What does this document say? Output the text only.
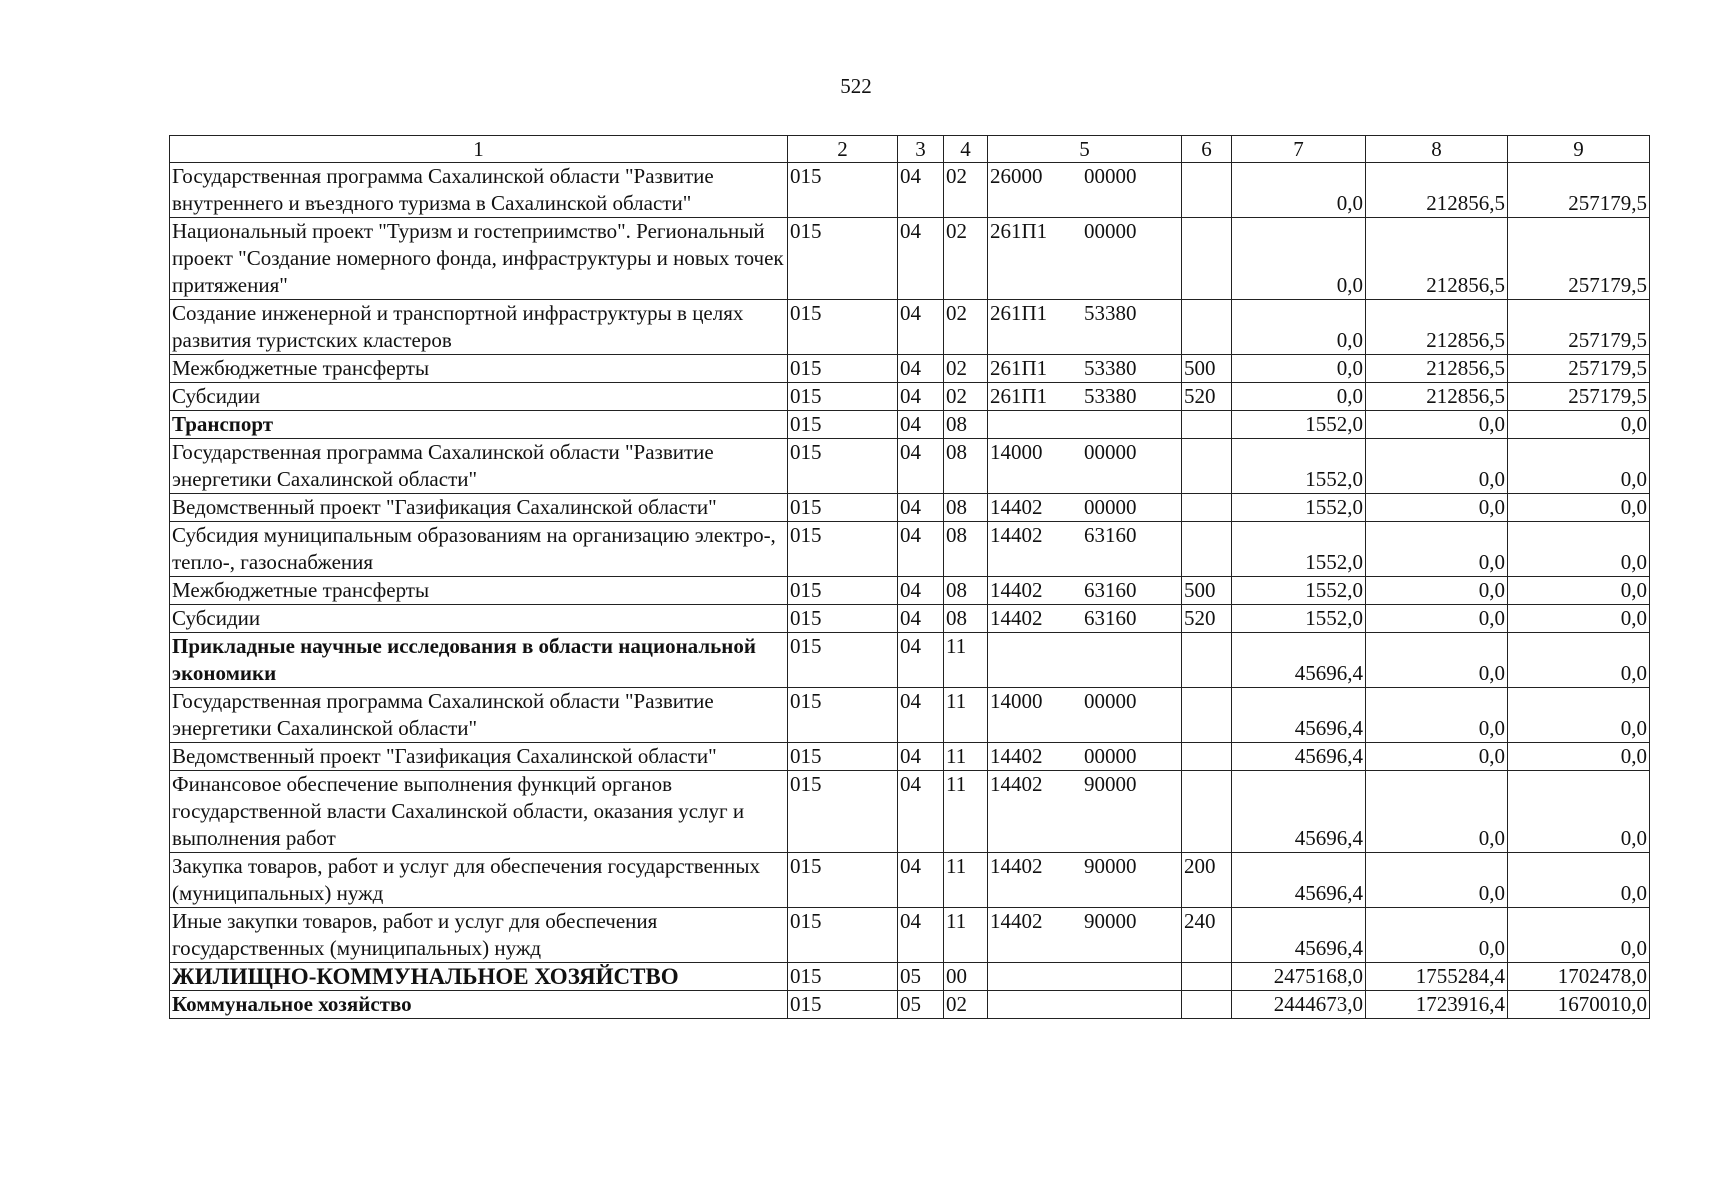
522
1	2	3	4	5	6	7	8	9
Государственная программа Сахалинской области "Развитие внутреннего и въездного туризма в Сахалинской области"	015	04	02	26000 00000		0,0	212856,5	257179,5
Национальный проект "Туризм и гостеприимство". Региональный проект "Создание номерного фонда, инфраструктуры и новых точек притяжения"	015	04	02	261П1 00000		0,0	212856,5	257179,5
Создание инженерной и транспортной инфраструктуры в целях развития туристских кластеров	015	04	02	261П1 53380		0,0	212856,5	257179,5
Межбюджетные трансферты	015	04	02	261П1 53380	500	0,0	212856,5	257179,5
Субсидии	015	04	02	261П1 53380	520	0,0	212856,5	257179,5
Транспорт	015	04	08			1552,0	0,0	0,0
Государственная программа Сахалинской области "Развитие энергетики Сахалинской области"	015	04	08	14000 00000		1552,0	0,0	0,0
Ведомственный проект "Газификация Сахалинской области"	015	04	08	14402 00000		1552,0	0,0	0,0
Субсидия муниципальным образованиям на организацию электро-, тепло-, газоснабжения	015	04	08	14402 63160		1552,0	0,0	0,0
Межбюджетные трансферты	015	04	08	14402 63160	500	1552,0	0,0	0,0
Субсидии	015	04	08	14402 63160	520	1552,0	0,0	0,0
Прикладные научные исследования в области национальной экономики	015	04	11			45696,4	0,0	0,0
Государственная программа Сахалинской области "Развитие энергетики Сахалинской области"	015	04	11	14000 00000		45696,4	0,0	0,0
Ведомственный проект "Газификация Сахалинской области"	015	04	11	14402 00000		45696,4	0,0	0,0
Финансовое обеспечение выполнения функций органов государственной власти Сахалинской области, оказания услуг и выполнения работ	015	04	11	14402 90000		45696,4	0,0	0,0
Закупка товаров, работ и услуг для обеспечения государственных (муниципальных) нужд	015	04	11	14402 90000	200	45696,4	0,0	0,0
Иные закупки товаров, работ и услуг для обеспечения государственных (муниципальных) нужд	015	04	11	14402 90000	240	45696,4	0,0	0,0
ЖИЛИЩНО-КОММУНАЛЬНОЕ ХОЗЯЙСТВО	015	05	00			2475168,0	1755284,4	1702478,0
Коммунальное хозяйство	015	05	02			2444673,0	1723916,4	1670010,0
